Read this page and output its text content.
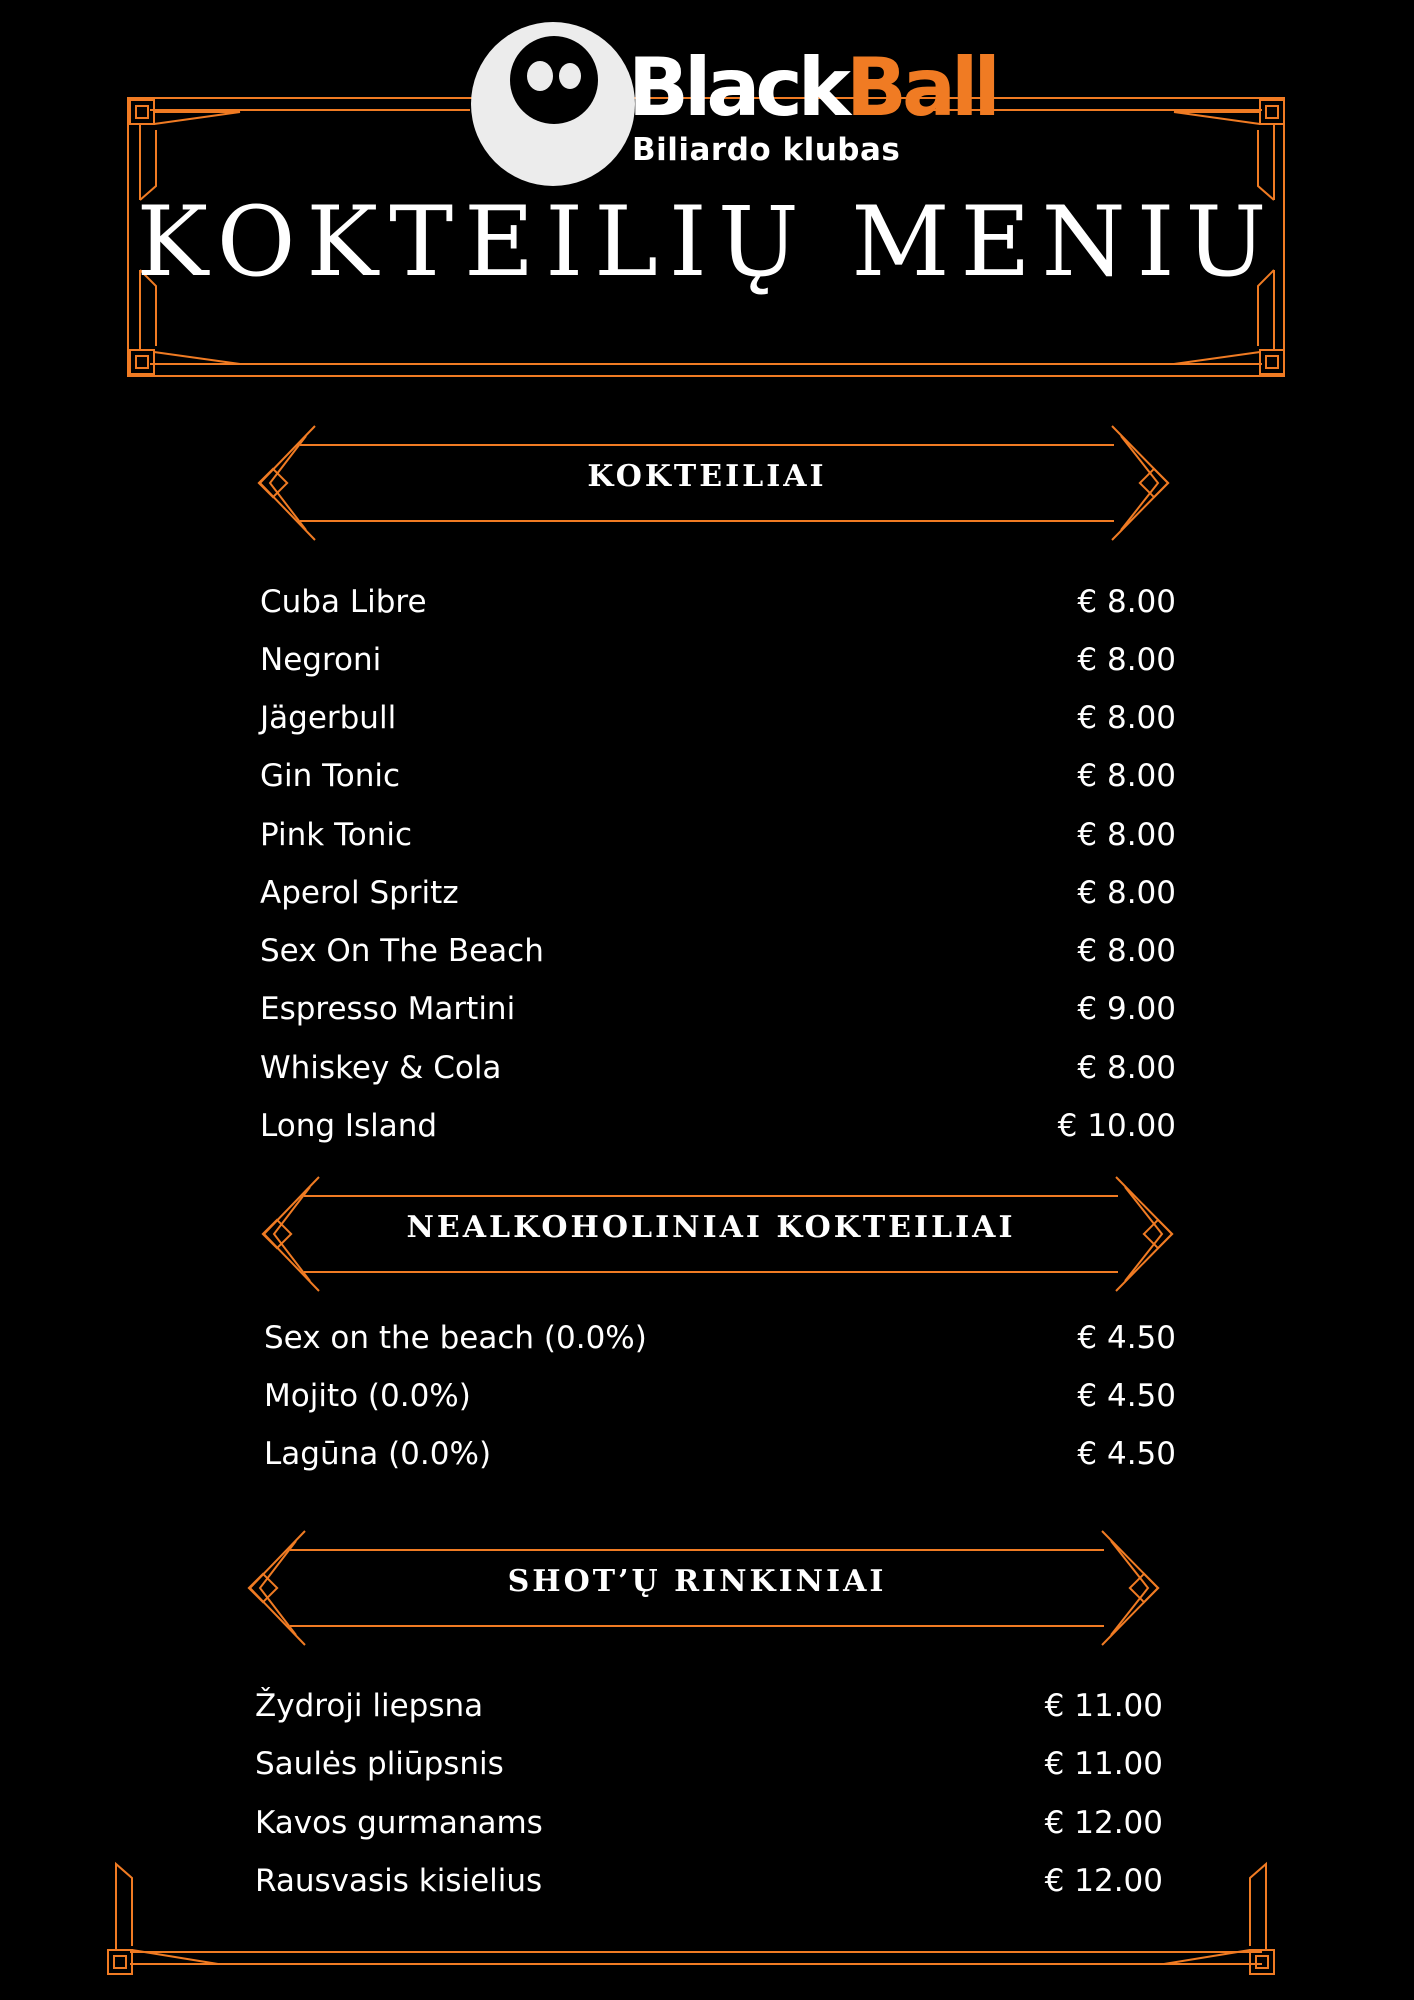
BlackBall
Biliardo klubas
KOKTEILIŲ MENIU
KOKTEILIAI
Cuba Libre	€ 8.00
Negroni	€ 8.00
Jägerbull	€ 8.00
Gin Tonic	€ 8.00
Pink Tonic	€ 8.00
Aperol Spritz	€ 8.00
Sex On The Beach	€ 8.00
Espresso Martini	€ 9.00
Whiskey & Cola	€ 8.00
Long Island	€ 10.00
NEALKOHOLINIAI KOKTEILIAI
Sex on the beach (0.0%)	€ 4.50
Mojito (0.0%)	€ 4.50
Lagūna (0.0%)	€ 4.50
SHOT’Ų RINKINIAI
Žydroji liepsna	€ 11.00
Saulės pliūpsnis	€ 11.00
Kavos gurmanams	€ 12.00
Rausvasis kisielius	€ 12.00
